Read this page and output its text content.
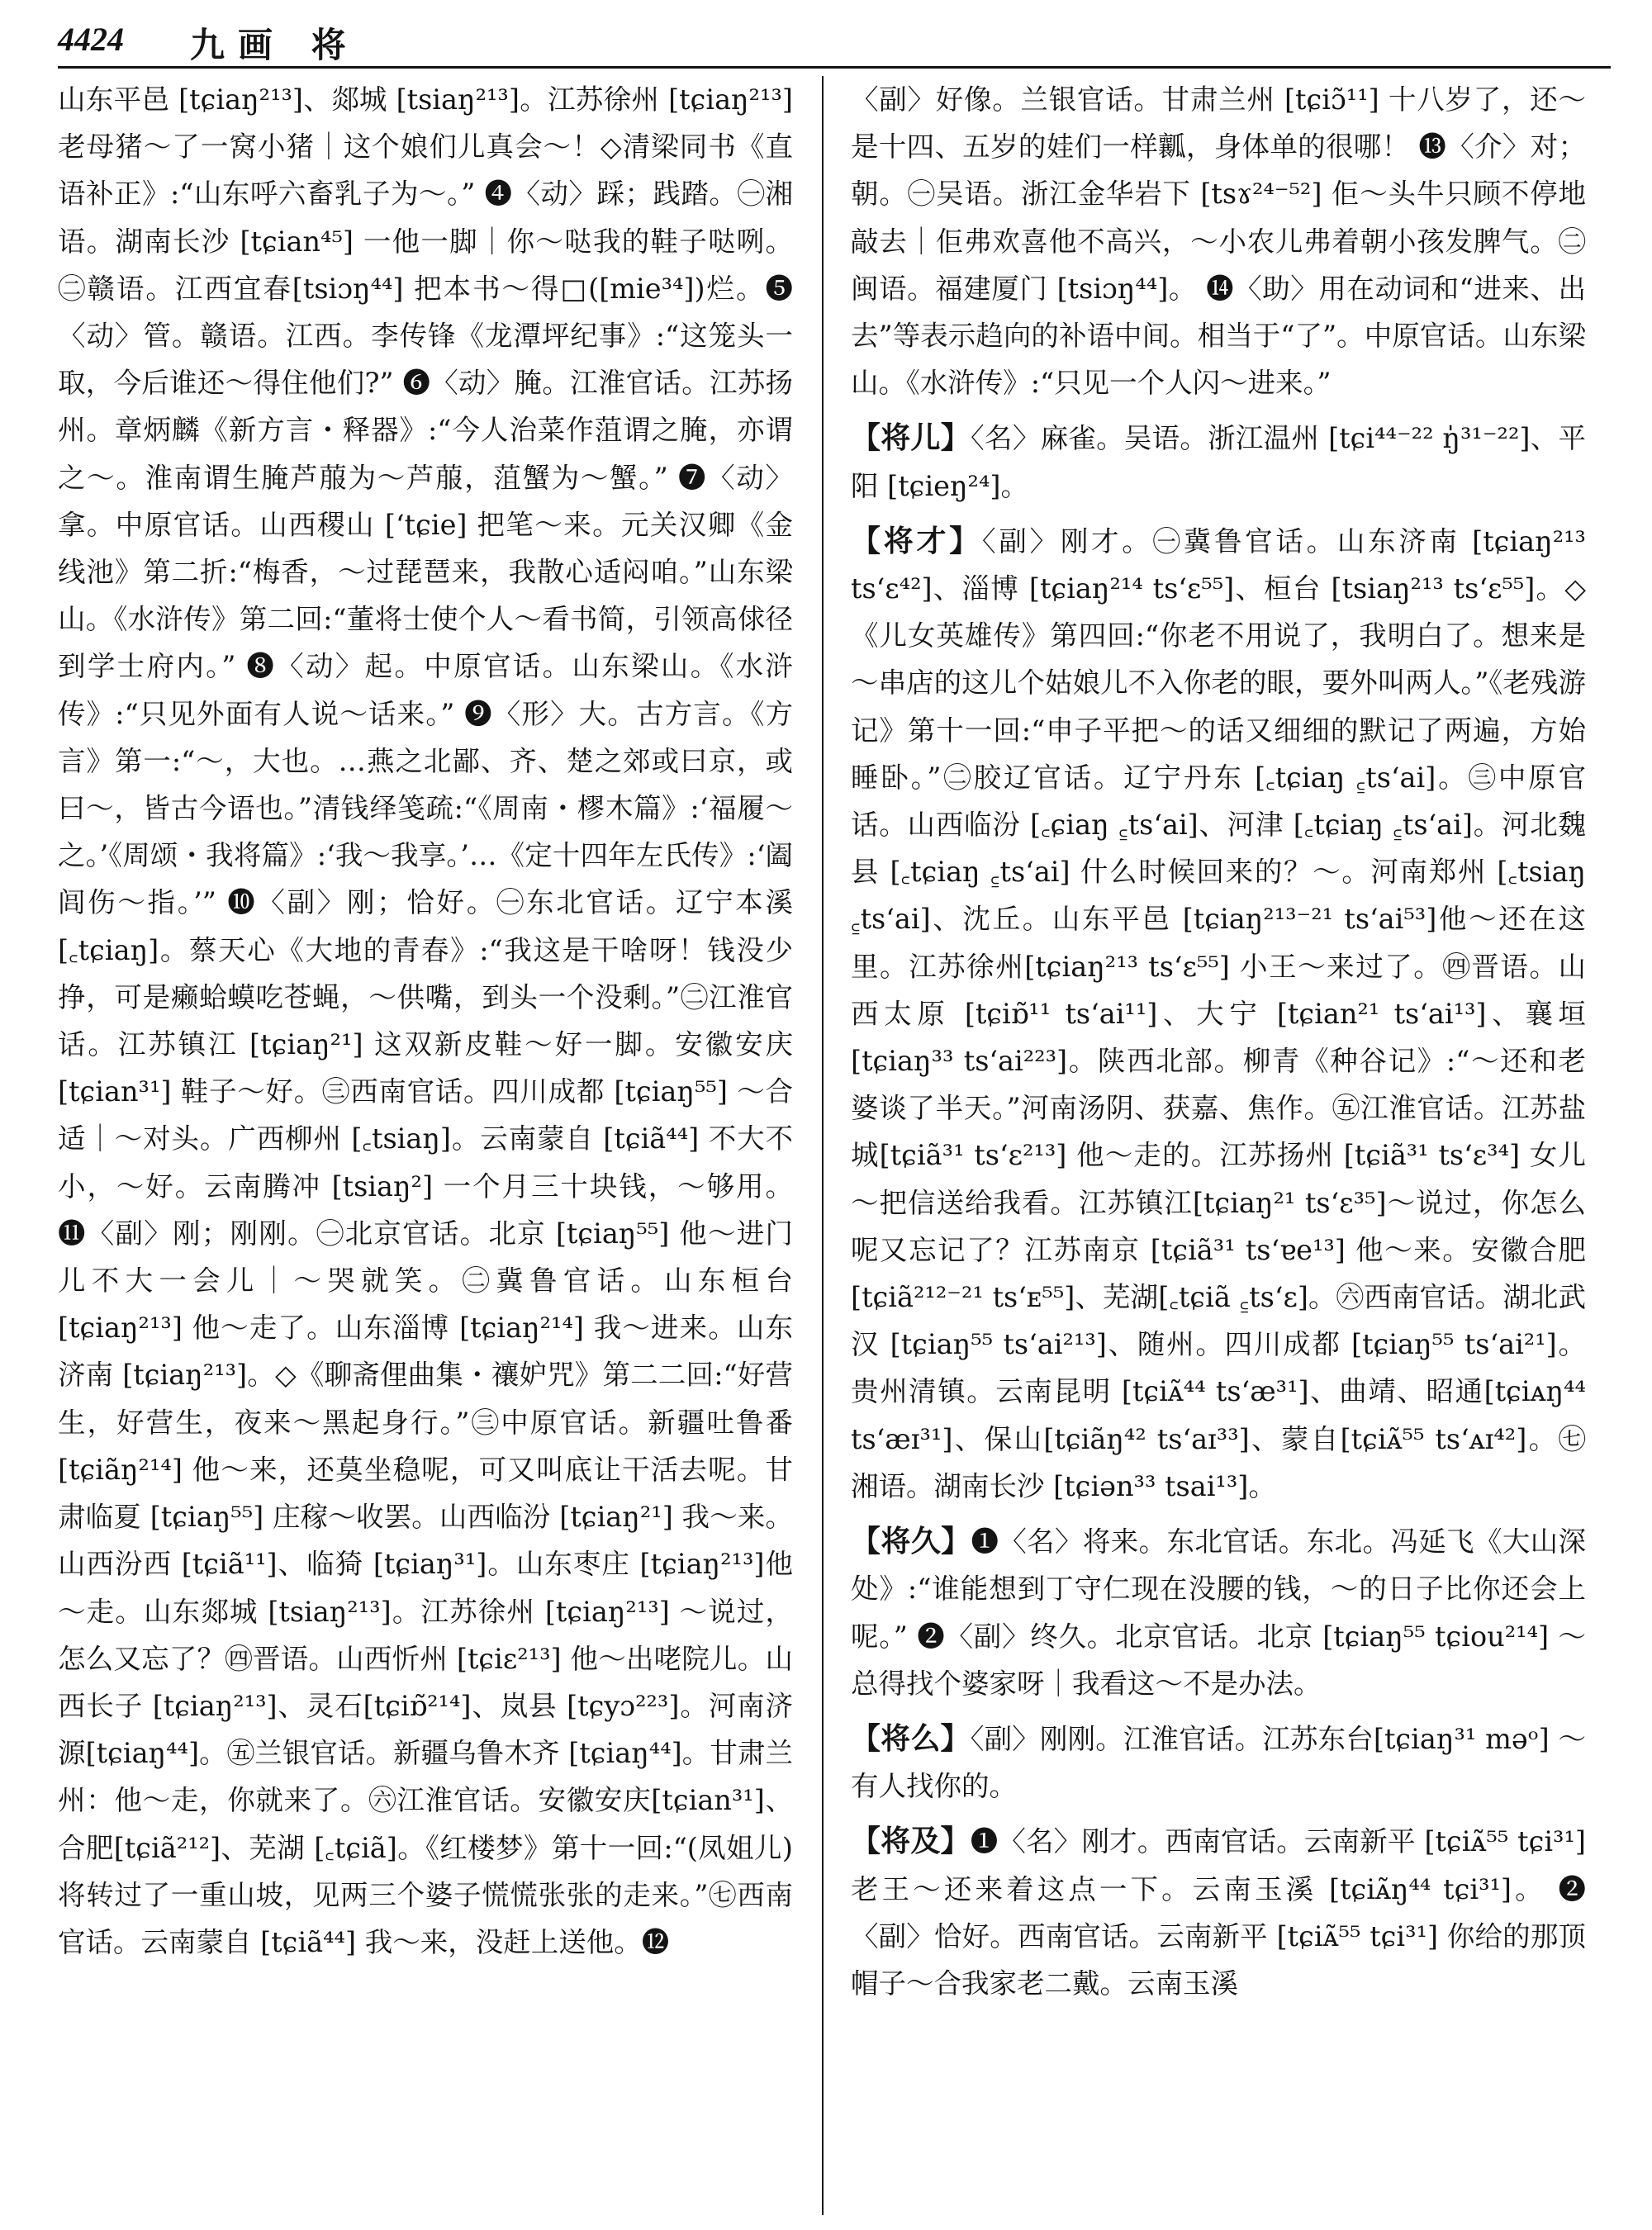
4424 九画 将

山东平邑 [tɕiaŋ²¹³]、郯城 [tsiaŋ²¹³]。江苏徐州 [tɕiaŋ²¹³]老母猪～了一窝小猪｜这个娘们儿真会～！◇清梁同书《直语补正》:“山东呼六畜乳子为～。” ❹〈动〉踩；践踏。㊀湘语。湖南长沙 [tɕian⁴⁵] 一他一脚｜你～哒我的鞋子哒咧。㊁赣语。江西宜春[tsiɔŋ⁴⁴] 把本书～得□([mie³⁴])烂。❺〈动〉管。赣语。江西。李传锋《龙潭坪纪事》:“这笼头一取，今后谁还～得住他们?” ❻〈动〉腌。江淮官话。江苏扬州。章炳麟《新方言・释器》:“今人治菜作菹谓之腌，亦谓之～。淮南谓生腌芦菔为～芦菔，菹蟹为～蟹。” ❼〈动〉拿。中原官话。山西稷山 [ʻtɕie] 把笔～来。元关汉卿《金线池》第二折:“梅香，～过琵琶来，我散心适闷咱。”山东梁山。《水浒传》第二回:“董将士使个人～看书简，引领高俅径到学士府内。” ❽〈动〉起。中原官话。山东梁山。《水浒传》:“只见外面有人说～话来。” ❾〈形〉大。古方言。《方言》第一:“～，大也。…燕之北鄙、齐、楚之郊或曰京，或曰～，皆古今语也。”清钱绎笺疏:“《周南・樛木篇》:‘福履～之。’《周颂・我将篇》:‘我～我享。’…《定十四年左氏传》:‘阖闾伤～指。’” ❿〈副〉刚；恰好。㊀东北官话。辽宁本溪 [꜀tɕiaŋ]。蔡天心《大地的青春》:“我这是干啥呀！钱没少挣，可是癞蛤蟆吃苍蝇，～供嘴，到头一个没剩。”㊁江淮官话。江苏镇江 [tɕiaŋ²¹] 这双新皮鞋～好一脚。安徽安庆 [tɕian³¹] 鞋子～好。㊂西南官话。四川成都 [tɕiaŋ⁵⁵] ～合适｜～对头。广西柳州 [꜀tsiaŋ]。云南蒙自 [tɕiã⁴⁴] 不大不小，～好。云南腾冲 [tsiaŋ²] 一个月三十块钱，～够用。 ⓫〈副〉刚；刚刚。㊀北京官话。北京 [tɕiaŋ⁵⁵] 他～进门儿不大一会儿｜～哭就笑。㊁冀鲁官话。山东桓台 [tɕiaŋ²¹³] 他～走了。山东淄博 [tɕiaŋ²¹⁴] 我～进来。山东济南 [tɕiaŋ²¹³]。◇《聊斋俚曲集・禳妒咒》第二二回:“好营生，好营生，夜来～黑起身行。”㊂中原官话。新疆吐鲁番 [tɕiãŋ²¹⁴] 他～来，还莫坐稳呢，可又叫底让干活去呢。甘肃临夏 [tɕiaŋ⁵⁵] 庄稼～收罢。山西临汾 [tɕiaŋ²¹] 我～来。山西汾西 [tɕiã¹¹]、临猗 [tɕiaŋ³¹]。山东枣庄 [tɕiaŋ²¹³]他～走。山东郯城 [tsiaŋ²¹³]。江苏徐州 [tɕiaŋ²¹³] ～说过，怎么又忘了？㊃晋语。山西忻州 [tɕiɛ²¹³] 他～出咾院儿。山西长子 [tɕiaŋ²¹³]、灵石[tɕiɒ̃²¹⁴]、岚县 [tɕyɔ²²³]。河南济源[tɕiaŋ⁴⁴]。㊄兰银官话。新疆乌鲁木齐 [tɕiaŋ⁴⁴]。甘肃兰州：他～走，你就来了。㊅江淮官话。安徽安庆[tɕian³¹]、合肥[tɕiã²¹²]、芜湖 [꜀tɕiã]。《红楼梦》第十一回:“(凤姐儿) 将转过了一重山坡，见两三个婆子慌慌张张的走来。”㊆西南官话。云南蒙自 [tɕiã⁴⁴] 我～来，没赶上送他。⓬

〈副〉好像。兰银官话。甘肃兰州 [tɕiɔ̃¹¹] 十八岁了，还～是十四、五岁的娃们一样瓤，身体单的很哪！ ⓭〈介〉对；朝。㊀吴语。浙江金华岩下 [tsɤ²⁴⁻⁵²] 佢～头牛只顾不停地敲去｜佢弗欢喜他不高兴，～小农儿弗着朝小孩发脾气。㊁闽语。福建厦门 [tsiɔŋ⁴⁴]。 ⓮〈助〉用在动词和“进来、出去”等表示趋向的补语中间。相当于“了”。中原官话。山东梁山。《水浒传》:“只见一个人闪～进来。”

【将儿】〈名〉麻雀。吴语。浙江温州 [tɕi⁴⁴⁻²² ŋ̍³¹⁻²²]、平阳 [tɕieŋ²⁴]。

【将才】〈副〉刚才。㊀冀鲁官话。山东济南 [tɕiaŋ²¹³ tsʻɛ⁴²]、淄博 [tɕiaŋ²¹⁴ tsʻɛ⁵⁵]、桓台 [tsiaŋ²¹³ tsʻɛ⁵⁵]。◇《儿女英雄传》第四回:“你老不用说了，我明白了。想来是～串店的这儿个姑娘儿不入你老的眼，要外叫两人。”《老残游记》第十一回:“申子平把～的话又细细的默记了两遍，方始睡卧。”㊁胶辽官话。辽宁丹东 [꜀tɕiaŋ ꜁tsʻai]。㊂中原官话。山西临汾 [꜀ɕiaŋ ꜁tsʻai]、河津 [꜀tɕiaŋ ꜁tsʻai]。河北魏县 [꜀tɕiaŋ ꜁tsʻai] 什么时候回来的？～。河南郑州 [꜀tsiaŋ ꜁tsʻai]、沈丘。山东平邑 [tɕiaŋ²¹³⁻²¹ tsʻai⁵³]他～还在这里。江苏徐州[tɕiaŋ²¹³ tsʻɛ⁵⁵] 小王～来过了。㊃晋语。山西太原 [tɕiɒ̃¹¹ tsʻai¹¹]、大宁 [tɕian²¹ tsʻai¹³]、襄垣 [tɕiaŋ³³ tsʻai²²³]。陕西北部。柳青《种谷记》:“～还和老婆谈了半天。”河南汤阴、获嘉、焦作。㊄江淮官话。江苏盐城[tɕiã³¹ tsʻɛ²¹³] 他～走的。江苏扬州 [tɕiã³¹ tsʻɛ³⁴] 女儿～把信送给我看。江苏镇江[tɕiaŋ²¹ tsʻɛ³⁵]～说过，你怎么呢又忘记了？江苏南京 [tɕiã³¹ tsʻɐe¹³] 他～来。安徽合肥[tɕiã²¹²⁻²¹ tsʻᴇ⁵⁵]、芜湖[꜀tɕiã ꜁tsʻɛ]。㊅西南官话。湖北武汉 [tɕiaŋ⁵⁵ tsʻai²¹³]、随州。四川成都 [tɕiaŋ⁵⁵ tsʻai²¹]。贵州清镇。云南昆明 [tɕiᴀ̃⁴⁴ tsʻæ³¹]、曲靖、昭通[tɕiᴀŋ⁴⁴ tsʻæɪ³¹]、保山[tɕiãŋ⁴² tsʻaɪ³³]、蒙自[tɕiᴀ̃⁵⁵ tsʻᴀɪ⁴²]。㊆湘语。湖南长沙 [tɕiən³³ tsai¹³]。

【将久】❶〈名〉将来。东北官话。东北。冯延飞《大山深处》:“谁能想到丁守仁现在没腰的钱，～的日子比你还会上呢。” ❷〈副〉终久。北京官话。北京 [tɕiaŋ⁵⁵ tɕiou²¹⁴] ～总得找个婆家呀｜我看这～不是办法。

【将么】〈副〉刚刚。江淮官话。江苏东台[tɕiaŋ³¹ məᵒ] ～有人找你的。

【将及】❶〈名〉刚才。西南官话。云南新平 [tɕiᴀ̃⁵⁵ tɕi³¹] 老王～还来着这点一下。云南玉溪 [tɕiᴀ̃ŋ⁴⁴ tɕi³¹]。 ❷〈副〉恰好。西南官话。云南新平 [tɕiᴀ̃⁵⁵ tɕi³¹] 你给的那顶帽子～合我家老二戴。云南玉溪
